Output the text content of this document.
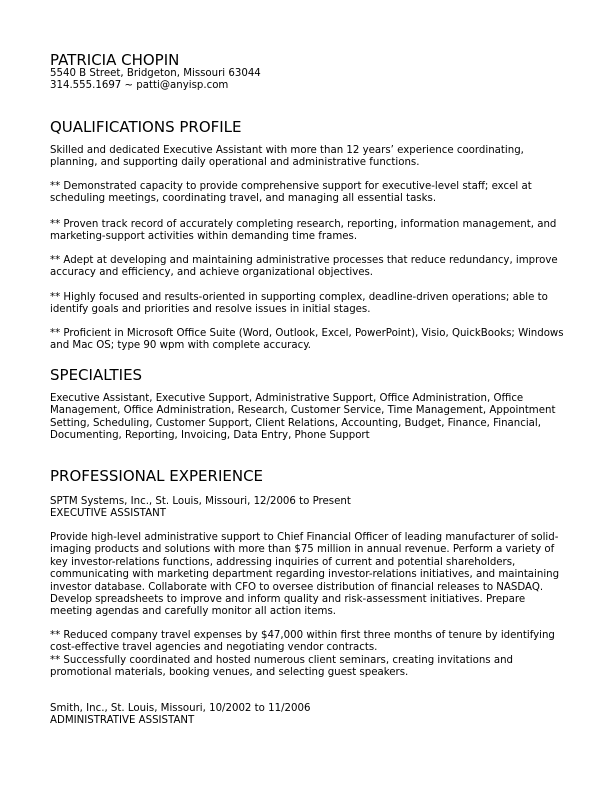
PATRICIA CHOPIN
5540 B Street, Bridgeton, Missouri 63044
314.555.1697 ~ patti@anyisp.com
QUALIFICATIONS PROFILE
Skilled and dedicated Executive Assistant with more than 12 years’ experience coordinating, planning, and supporting daily operational and administrative functions.
** Demonstrated capacity to provide comprehensive support for executive-level staff; excel at scheduling meetings, coordinating travel, and managing all essential tasks.
** Proven track record of accurately completing research, reporting, information management, and marketing-support activities within demanding time frames.
** Adept at developing and maintaining administrative processes that reduce redundancy, improve accuracy and efficiency, and achieve organizational objectives.
** Highly focused and results-oriented in supporting complex, deadline-driven operations; able to identify goals and priorities and resolve issues in initial stages.
** Proficient in Microsoft Office Suite (Word, Outlook, Excel, PowerPoint), Visio, QuickBooks; Windows and Mac OS; type 90 wpm with complete accuracy.
SPECIALTIES
Executive Assistant, Executive Support, Administrative Support, Office Administration, Office Management, Office Administration, Research, Customer Service, Time Management, Appointment Setting, Scheduling, Customer Support, Client Relations, Accounting, Budget, Finance, Financial, Documenting, Reporting, Invoicing, Data Entry, Phone Support
PROFESSIONAL EXPERIENCE
SPTM Systems, Inc., St. Louis, Missouri, 12/2006 to Present
EXECUTIVE ASSISTANT
Provide high-level administrative support to Chief Financial Officer of leading manufacturer of solid-imaging products and solutions with more than $75 million in annual revenue. Perform a variety of key investor-relations functions, addressing inquiries of current and potential shareholders, communicating with marketing department regarding investor-relations initiatives, and maintaining investor database. Collaborate with CFO to oversee distribution of financial releases to NASDAQ. Develop spreadsheets to improve and inform quality and risk-assessment initiatives. Prepare meeting agendas and carefully monitor all action items.
** Reduced company travel expenses by $47,000 within first three months of tenure by identifying cost-effective travel agencies and negotiating vendor contracts.
** Successfully coordinated and hosted numerous client seminars, creating invitations and promotional materials, booking venues, and selecting guest speakers.
Smith, Inc., St. Louis, Missouri, 10/2002 to 11/2006
ADMINISTRATIVE ASSISTANT
